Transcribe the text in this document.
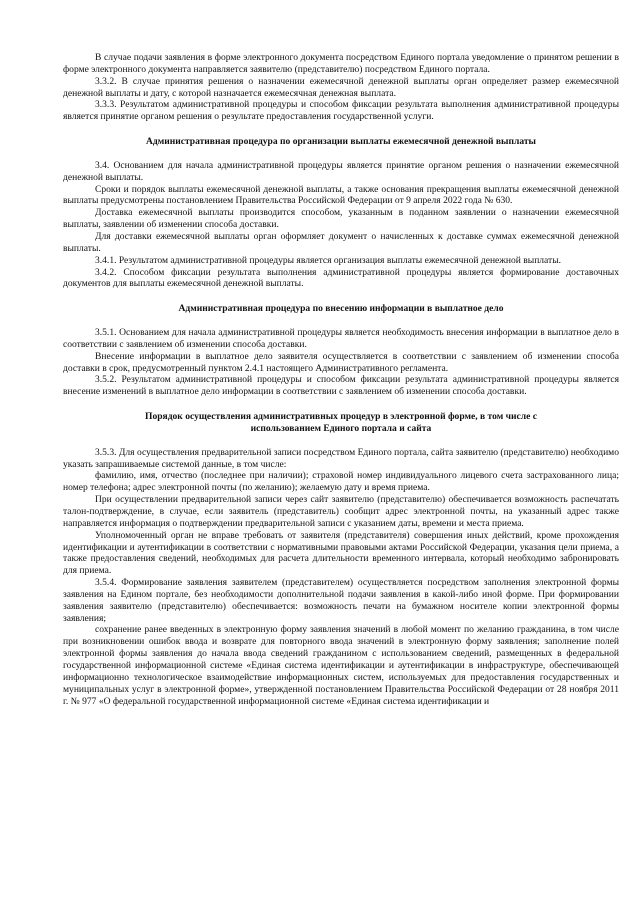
В случае подачи заявления в форме электронного документа посредством Единого портала уведомление о принятом решении в форме электронного документа направляется заявителю (представителю) посредством Единого портала.

3.3.2. В случае принятия решения о назначении ежемесячной денежной выплаты орган определяет размер ежемесячной денежной выплаты и дату, с которой назначается ежемесячная денежная выплата.

3.3.3. Результатом административной процедуры и способом фиксации результата выполнения административной процедуры является принятие органом решения о результате предоставления государственной услуги.

Административная процедура по организации выплаты ежемесячной денежной выплаты

3.4. Основанием для начала административной процедуры является принятие органом решения о назначении ежемесячной денежной выплаты.

Сроки и порядок выплаты ежемесячной денежной выплаты, а также основания прекращения выплаты ежемесячной денежной выплаты предусмотрены постановлением Правительства Российской Федерации от 9 апреля 2022 года № 630.

Доставка ежемесячной выплаты производится способом, указанным в поданном заявлении о назначении ежемесячной выплаты, заявлении об изменении способа доставки.

Для доставки ежемесячной выплаты орган оформляет документ о начисленных к доставке суммах ежемесячной денежной выплаты.

3.4.1. Результатом административной процедуры является организация выплаты ежемесячной денежной выплаты.

3.4.2. Способом фиксации результата выполнения административной процедуры является формирование доставочных документов для выплаты ежемесячной денежной выплаты.

Административная процедура по внесению информации в выплатное дело

3.5.1. Основанием для начала административной процедуры является необходимость внесения информации в выплатное дело в соответствии с заявлением об изменении способа доставки.

Внесение информации в выплатное дело заявителя осуществляется в соответствии с заявлением об изменении способа доставки в срок, предусмотренный пунктом 2.4.1 настоящего Административного регламента.

3.5.2. Результатом административной процедуры и способом фиксации результата административной процедуры является внесение изменений в выплатное дело информации в соответствии с заявлением об изменении способа доставки.

Порядок осуществления административных процедур в электронной форме, в том числе с использованием Единого портала и сайта

3.5.3. Для осуществления предварительной записи посредством Единого портала, сайта заявителю (представителю) необходимо указать запрашиваемые системой данные, в том числе:

фамилию, имя, отчество (последнее при наличии); страховой номер индивидуального лицевого счета застрахованного лица; номер телефона; адрес электронной почты (по желанию); желаемую дату и время приема.

При осуществлении предварительной записи через сайт заявителю (представителю) обеспечивается возможность распечатать талон-подтверждение, в случае, если заявитель (представитель) сообщит адрес электронной почты, на указанный адрес также направляется информация о подтверждении предварительной записи с указанием даты, времени и места приема.

Уполномоченный орган не вправе требовать от заявителя (представителя) совершения иных действий, кроме прохождения идентификации и аутентификации в соответствии с нормативными правовыми актами Российской Федерации, указания цели приема, а также предоставления сведений, необходимых для расчета длительности временного интервала, который необходимо забронировать для приема.

3.5.4. Формирование заявления заявителем (представителем) осуществляется посредством заполнения электронной формы заявления на Едином портале, без необходимости дополнительной подачи заявления в какой-либо иной форме. При формировании заявления заявителю (представителю) обеспечивается: возможность печати на бумажном носителе копии электронной формы заявления;

сохранение ранее введенных в электронную форму заявления значений в любой момент по желанию гражданина, в том числе при возникновении ошибок ввода и возврате для повторного ввода значений в электронную форму заявления; заполнение полей электронной формы заявления до начала ввода сведений гражданином с использованием сведений, размещенных в федеральной государственной информационной системе «Единая система идентификации и аутентификации в инфраструктуре, обеспечивающей информационно технологическое взаимодействие информационных систем, используемых для предоставления государственных и муниципальных услуг в электронной форме», утвержденной постановлением Правительства Российской Федерации от 28 ноября 2011 г. № 977 «О федеральной государственной информационной системе «Единая система идентификации и
